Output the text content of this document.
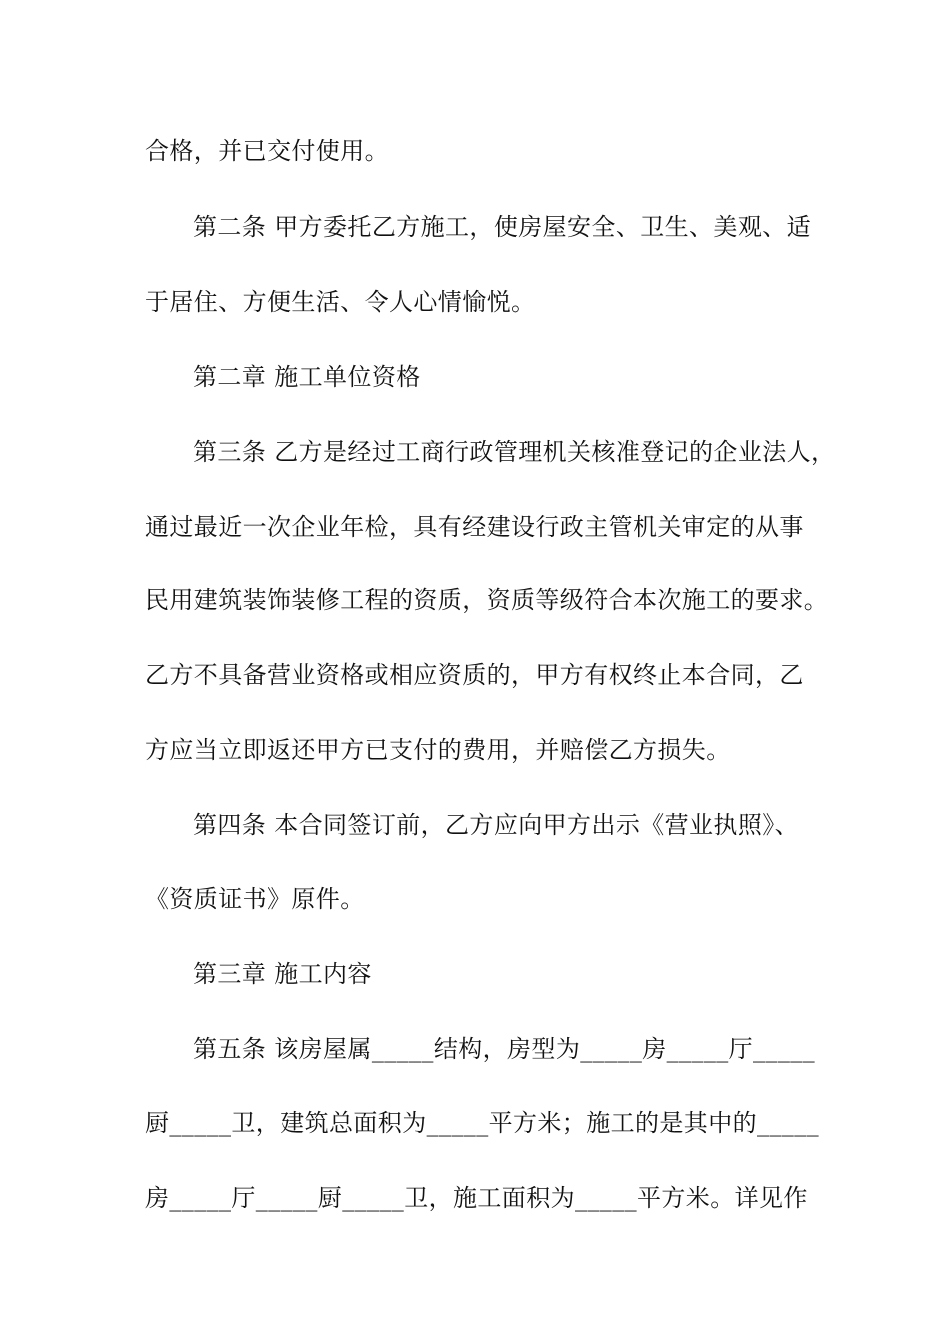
合格，并已交付使用。
第二条 甲方委托乙方施工，使房屋安全、卫生、美观、适
于居住、方便生活、令人心情愉悦。
第二章 施工单位资格
第三条 乙方是经过工商行政管理机关核准登记的企业法人，
通过最近一次企业年检，具有经建设行政主管机关审定的从事
民用建筑装饰装修工程的资质，资质等级符合本次施工的要求。
乙方不具备营业资格或相应资质的，甲方有权终止本合同，乙
方应当立即返还甲方已支付的费用，并赔偿乙方损失。
第四条 本合同签订前，乙方应向甲方出示《营业执照》、
《资质证书》原件。
第三章 施工内容
第五条 该房屋属_____结构，房型为_____房_____厅_____
厨_____卫，建筑总面积为_____平方米；施工的是其中的_____
房_____厅_____厨_____卫，施工面积为_____平方米。详见作
